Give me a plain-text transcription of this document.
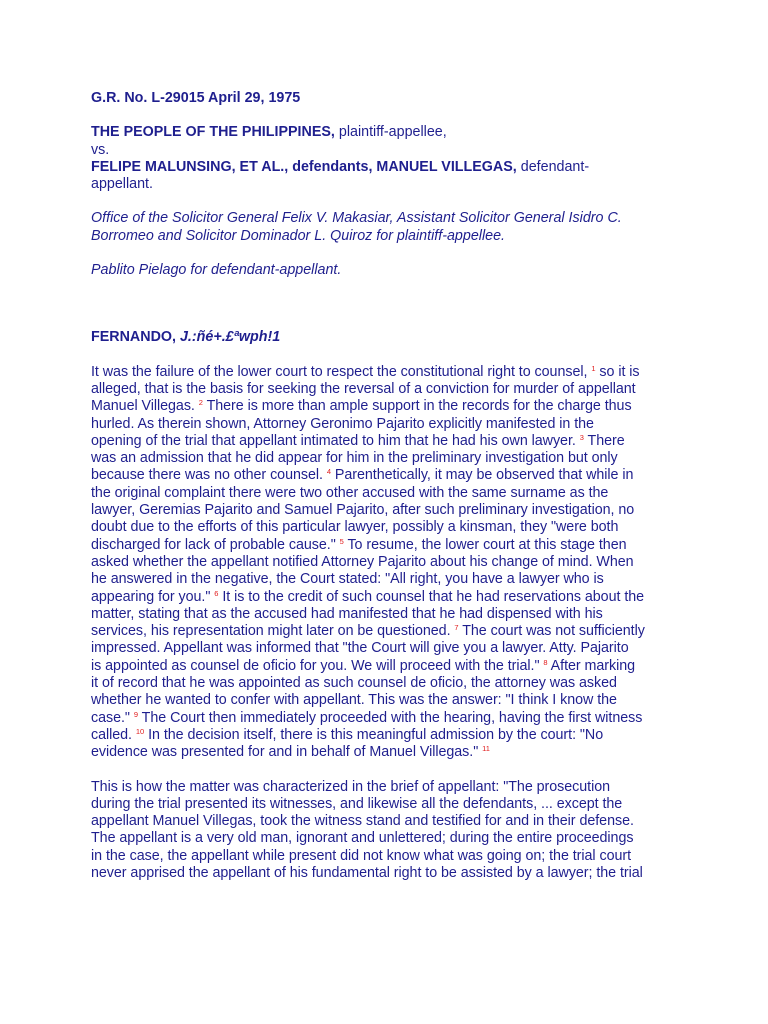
G.R. No. L-29015 April 29, 1975

THE PEOPLE OF THE PHILIPPINES, plaintiff-appellee,

vs.

FELIPE MALUNSING, ET AL., defendants, MANUEL VILLEGAS, defendant-

appellant.

Office of the Solicitor General Felix V. Makasiar, Assistant Solicitor General Isidro C.
Borromeo and Solicitor Dominador L. Quiroz for plaintiff-appellee.

Pablito Pielago for defendant-appellant.

FERNANDO, J.:ñé+.£ªwph!1

It was the failure of the lower court to respect the constitutional right to counsel, $^1$ so it is
alleged, that is the basis for seeking the reversal of a conviction for murder of appellant
Manuel Villegas. $^2$ There is more than ample support in the records for the charge thus
hurled. As therein shown, Attorney Geronimo Pajarito explicitly manifested in the
opening of the trial that appellant intimated to him that he had his own lawyer. $^3$ There
was an admission that he did appear for him in the preliminary investigation but only
because there was no other counsel. $^4$ Parenthetically, it may be observed that while in
the original complaint there were two other accused with the same surname as the
lawyer, Geremias Pajarito and Samuel Pajarito, after such preliminary investigation, no
doubt due to the efforts of this particular lawyer, possibly a kinsman, they "were both
discharged for lack of probable cause." $^5$ To resume, the lower court at this stage then
asked whether the appellant notified Attorney Pajarito about his change of mind. When
he answered in the negative, the Court stated: "All right, you have a lawyer who is
appearing for you." $^6$ It is to the credit of such counsel that he had reservations about the
matter, stating that as the accused had manifested that he had dispensed with his
services, his representation might later on be questioned. $^7$ The court was not sufficiently
impressed. Appellant was informed that "the Court will give you a lawyer. Atty. Pajarito
is appointed as counsel de oficio for you. We will proceed with the trial." $^8$ After marking
it of record that he was appointed as such counsel de oficio, the attorney was asked
whether he wanted to confer with appellant. This was the answer: "I think I know the
case." $^9$ The Court then immediately proceeded with the hearing, having the first witness
called. $^{10}$ In the decision itself, there is this meaningful admission by the court: "No
evidence was presented for and in behalf of Manuel Villegas." $^{11}$

This is how the matter was characterized in the brief of appellant: "The prosecution
during the trial presented its witnesses, and likewise all the defendants, ... except the
appellant Manuel Villegas, took the witness stand and testified for and in their defense.
The appellant is a very old man, ignorant and unlettered; during the entire proceedings
in the case, the appellant while present did not know what was going on; the trial court
never apprised the appellant of his fundamental right to be assisted by a lawyer; the trial
